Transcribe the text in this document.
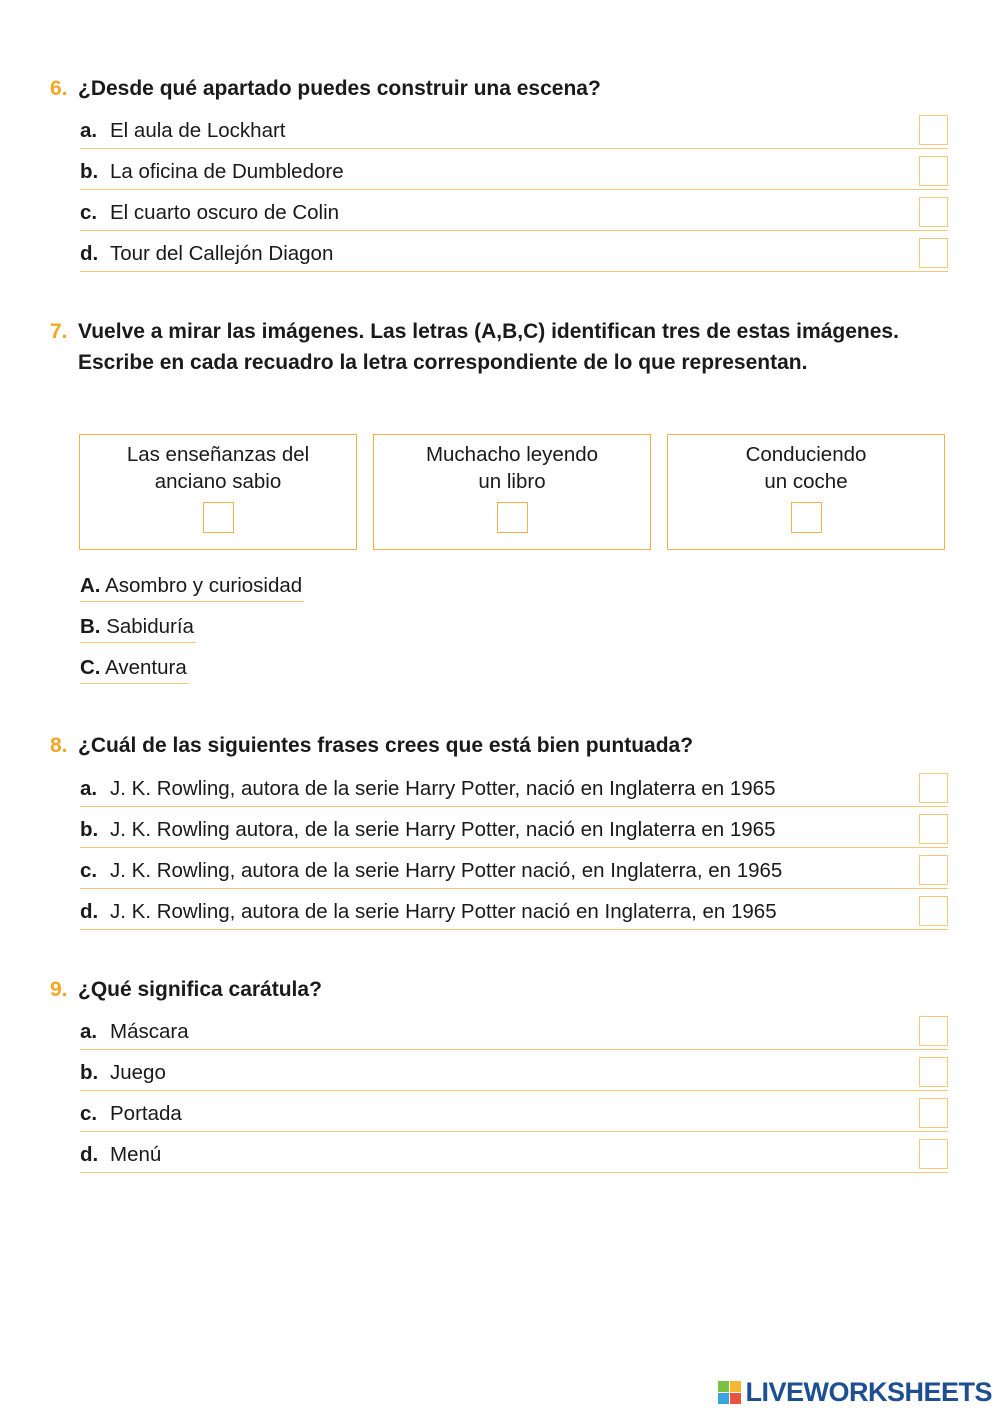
6. ¿Desde qué apartado puedes construir una escena?
a. El aula de Lockhart
b. La oficina de Dumbledore
c. El cuarto oscuro de Colin
d. Tour del Callejón Diagon
7. Vuelve a mirar las imágenes. Las letras (A,B,C) identifican tres de estas imágenes. Escribe en cada recuadro la letra correspondiente de lo que representan.
Las enseñanzas del
anciano sabio
Muchacho leyendo
un libro
Conduciendo
un coche
A. Asombro y curiosidad
B. Sabiduría
C. Aventura
8. ¿Cuál de las siguientes frases crees que está bien puntuada?
a. J. K. Rowling, autora de la serie Harry Potter, nació en Inglaterra en 1965
b. J. K. Rowling autora, de la serie Harry Potter, nació en Inglaterra en 1965
c. J. K. Rowling, autora de la serie Harry Potter nació, en Inglaterra, en 1965
d. J. K. Rowling, autora de la serie Harry Potter nació en Inglaterra, en 1965
9. ¿Qué significa carátula?
a. Máscara
b. Juego
c. Portada
d. Menú
LIVEWORKSHEETS
